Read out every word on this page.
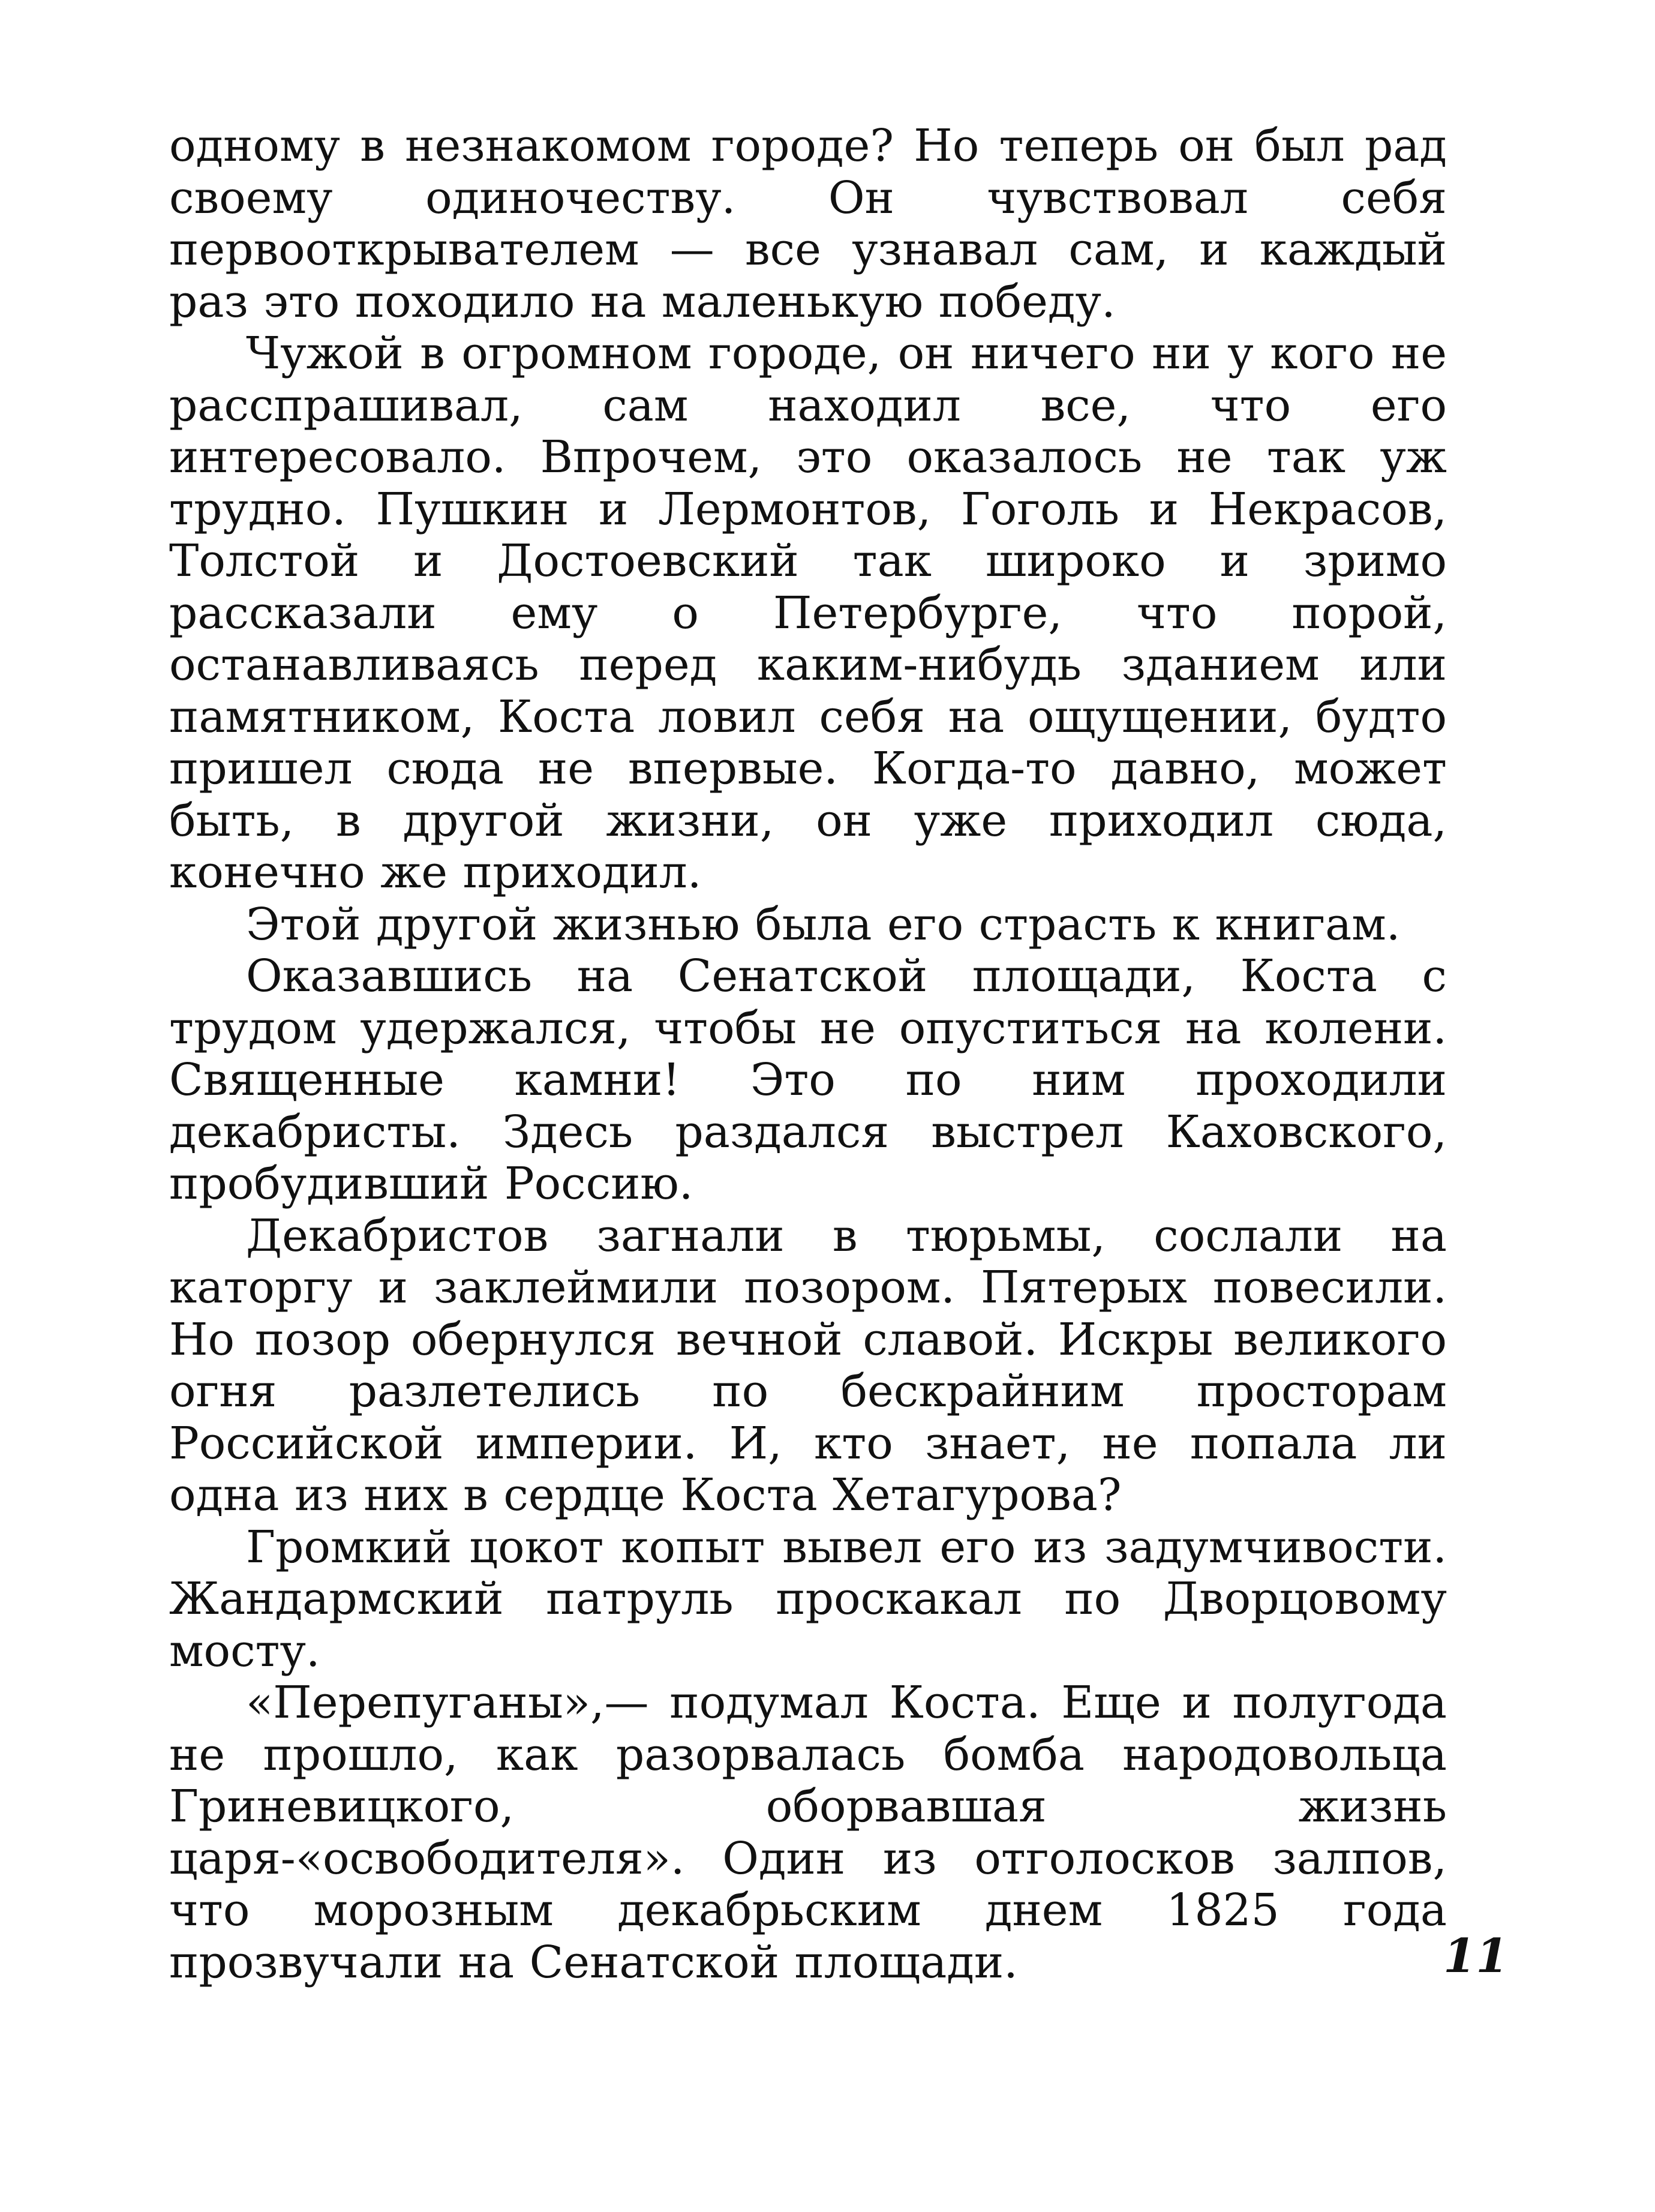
одному в незнакомом городе? Но теперь он был рад своему одиночеству. Он чувствовал себя первооткрывателем — все узнавал сам, и каждый раз это походило на маленькую победу.

Чужой в огромном городе, он ничего ни у кого не расспрашивал, сам находил все, что его интересовало. Впрочем, это оказалось не так уж трудно. Пушкин и Лермонтов, Гоголь и Некрасов, Толстой и Достоевский так широко и зримо рассказали ему о Петербурге, что порой, останавливаясь перед каким-нибудь зданием или памятником, Коста ловил себя на ощущении, будто пришел сюда не впервые. Когда-то давно, может быть, в другой жизни, он уже приходил сюда, конечно же приходил.

Этой другой жизнью была его страсть к книгам.

Оказавшись на Сенатской площади, Коста с трудом удержался, чтобы не опуститься на колени. Священные камни! Это по ним проходили декабристы. Здесь раздался выстрел Каховского, пробудивший Россию.

Декабристов загнали в тюрьмы, сослали на каторгу и заклеймили позором. Пятерых повесили. Но позор обернулся вечной славой. Искры великого огня разлетелись по бескрайним просторам Российской империи. И, кто знает, не попала ли одна из них в сердце Коста Хетагурова?

Громкий цокот копыт вывел его из задумчивости. Жандармский патруль проскакал по Дворцовому мосту.

«Перепуганы»,— подумал Коста. Еще и полугода не прошло, как разорвалась бомба народовольца Гриневицкого, оборвавшая жизнь царя-«освободителя». Один из отголосков залпов, что морозным декабрьским днем 1825 года прозвучали на Сенатской площади.	11
